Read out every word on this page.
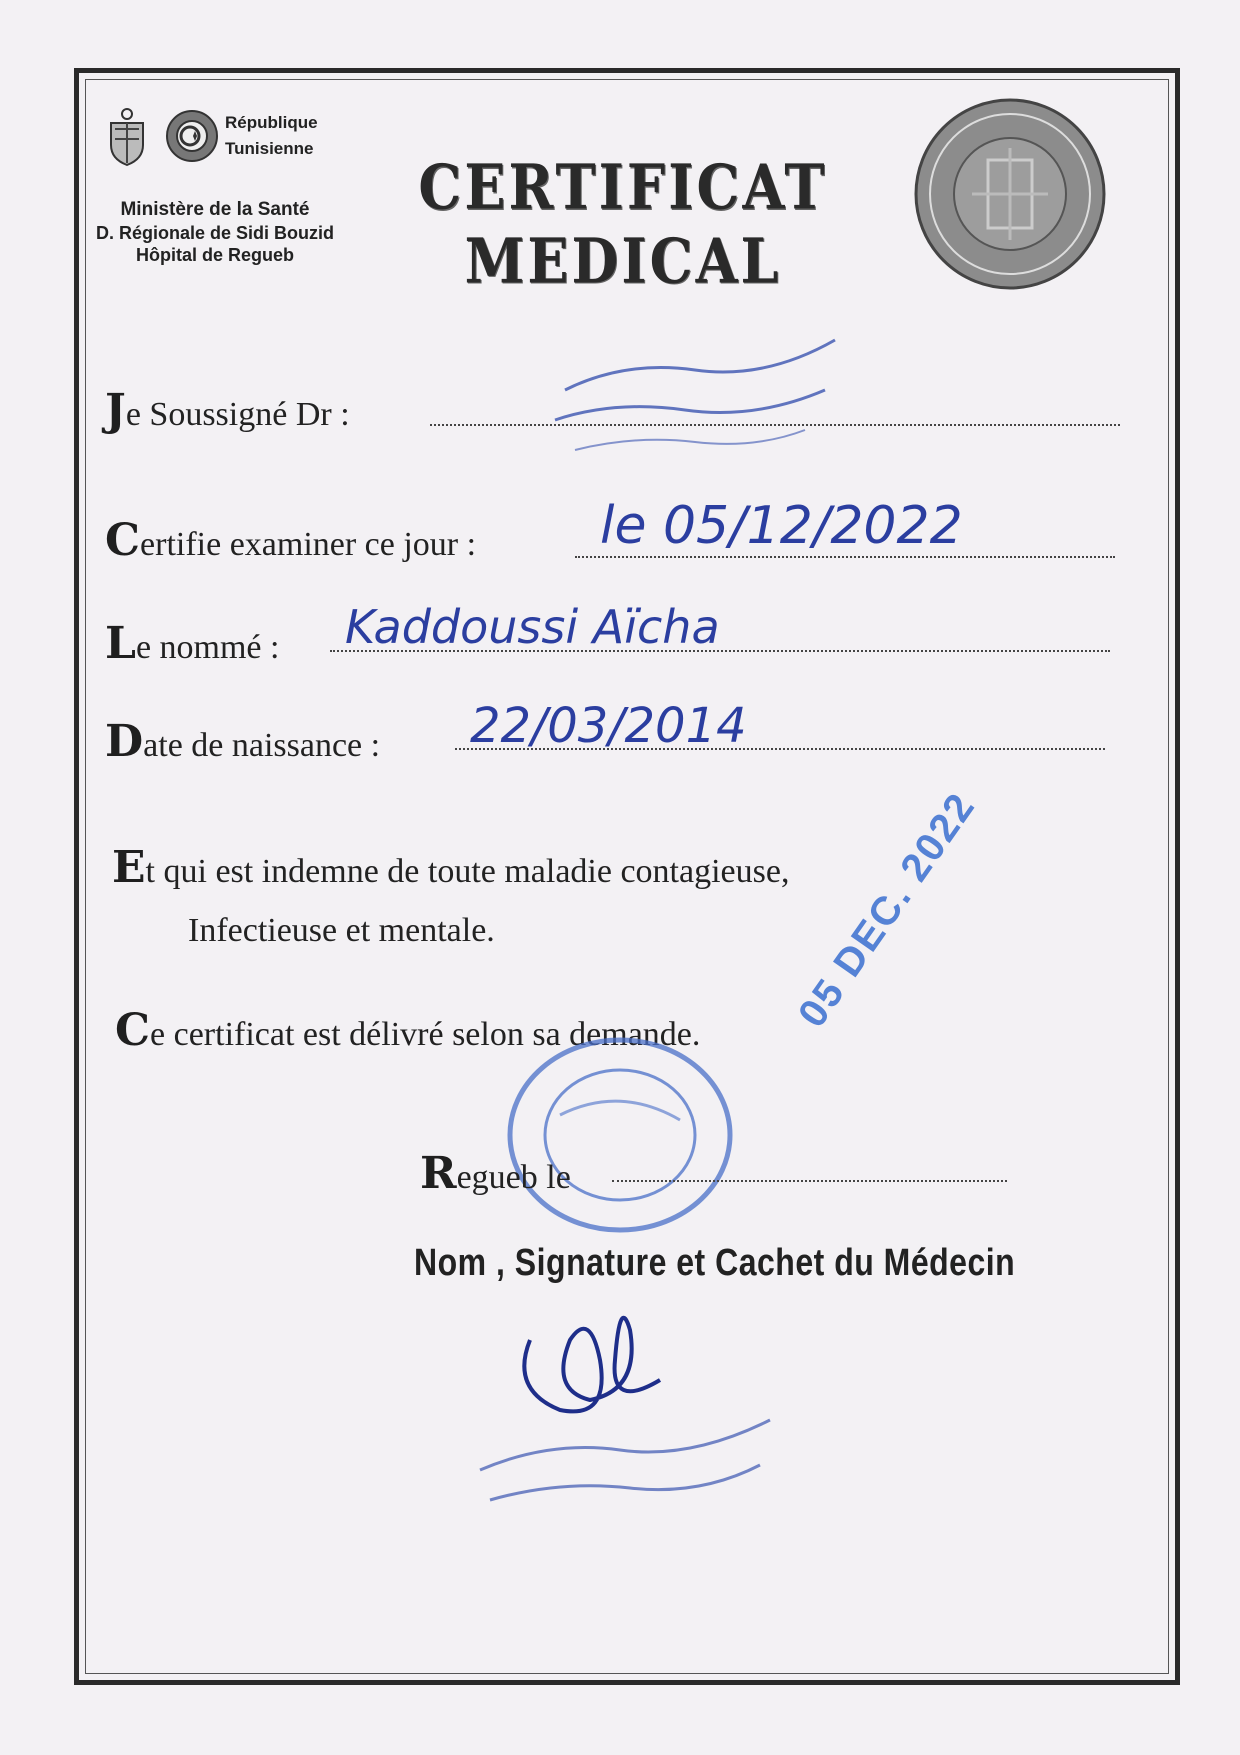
République
Tunisienne
Ministère de la Santé
D. Régionale de Sidi Bouzid
Hôpital de Regueb
CERTIFICAT MEDICAL
Je Soussigné Dr :
Certifie examiner ce jour : le 05/12/2022
Le nommé : Kaddoussi Aïcha
Date de naissance : 22/03/2014
Et qui est indemne de toute maladie contagieuse,
Infectieuse et mentale.
Ce certificat est délivré selon sa demande.
Regueb le
05 DEC. 2022
Nom , Signature et Cachet du Médecin
